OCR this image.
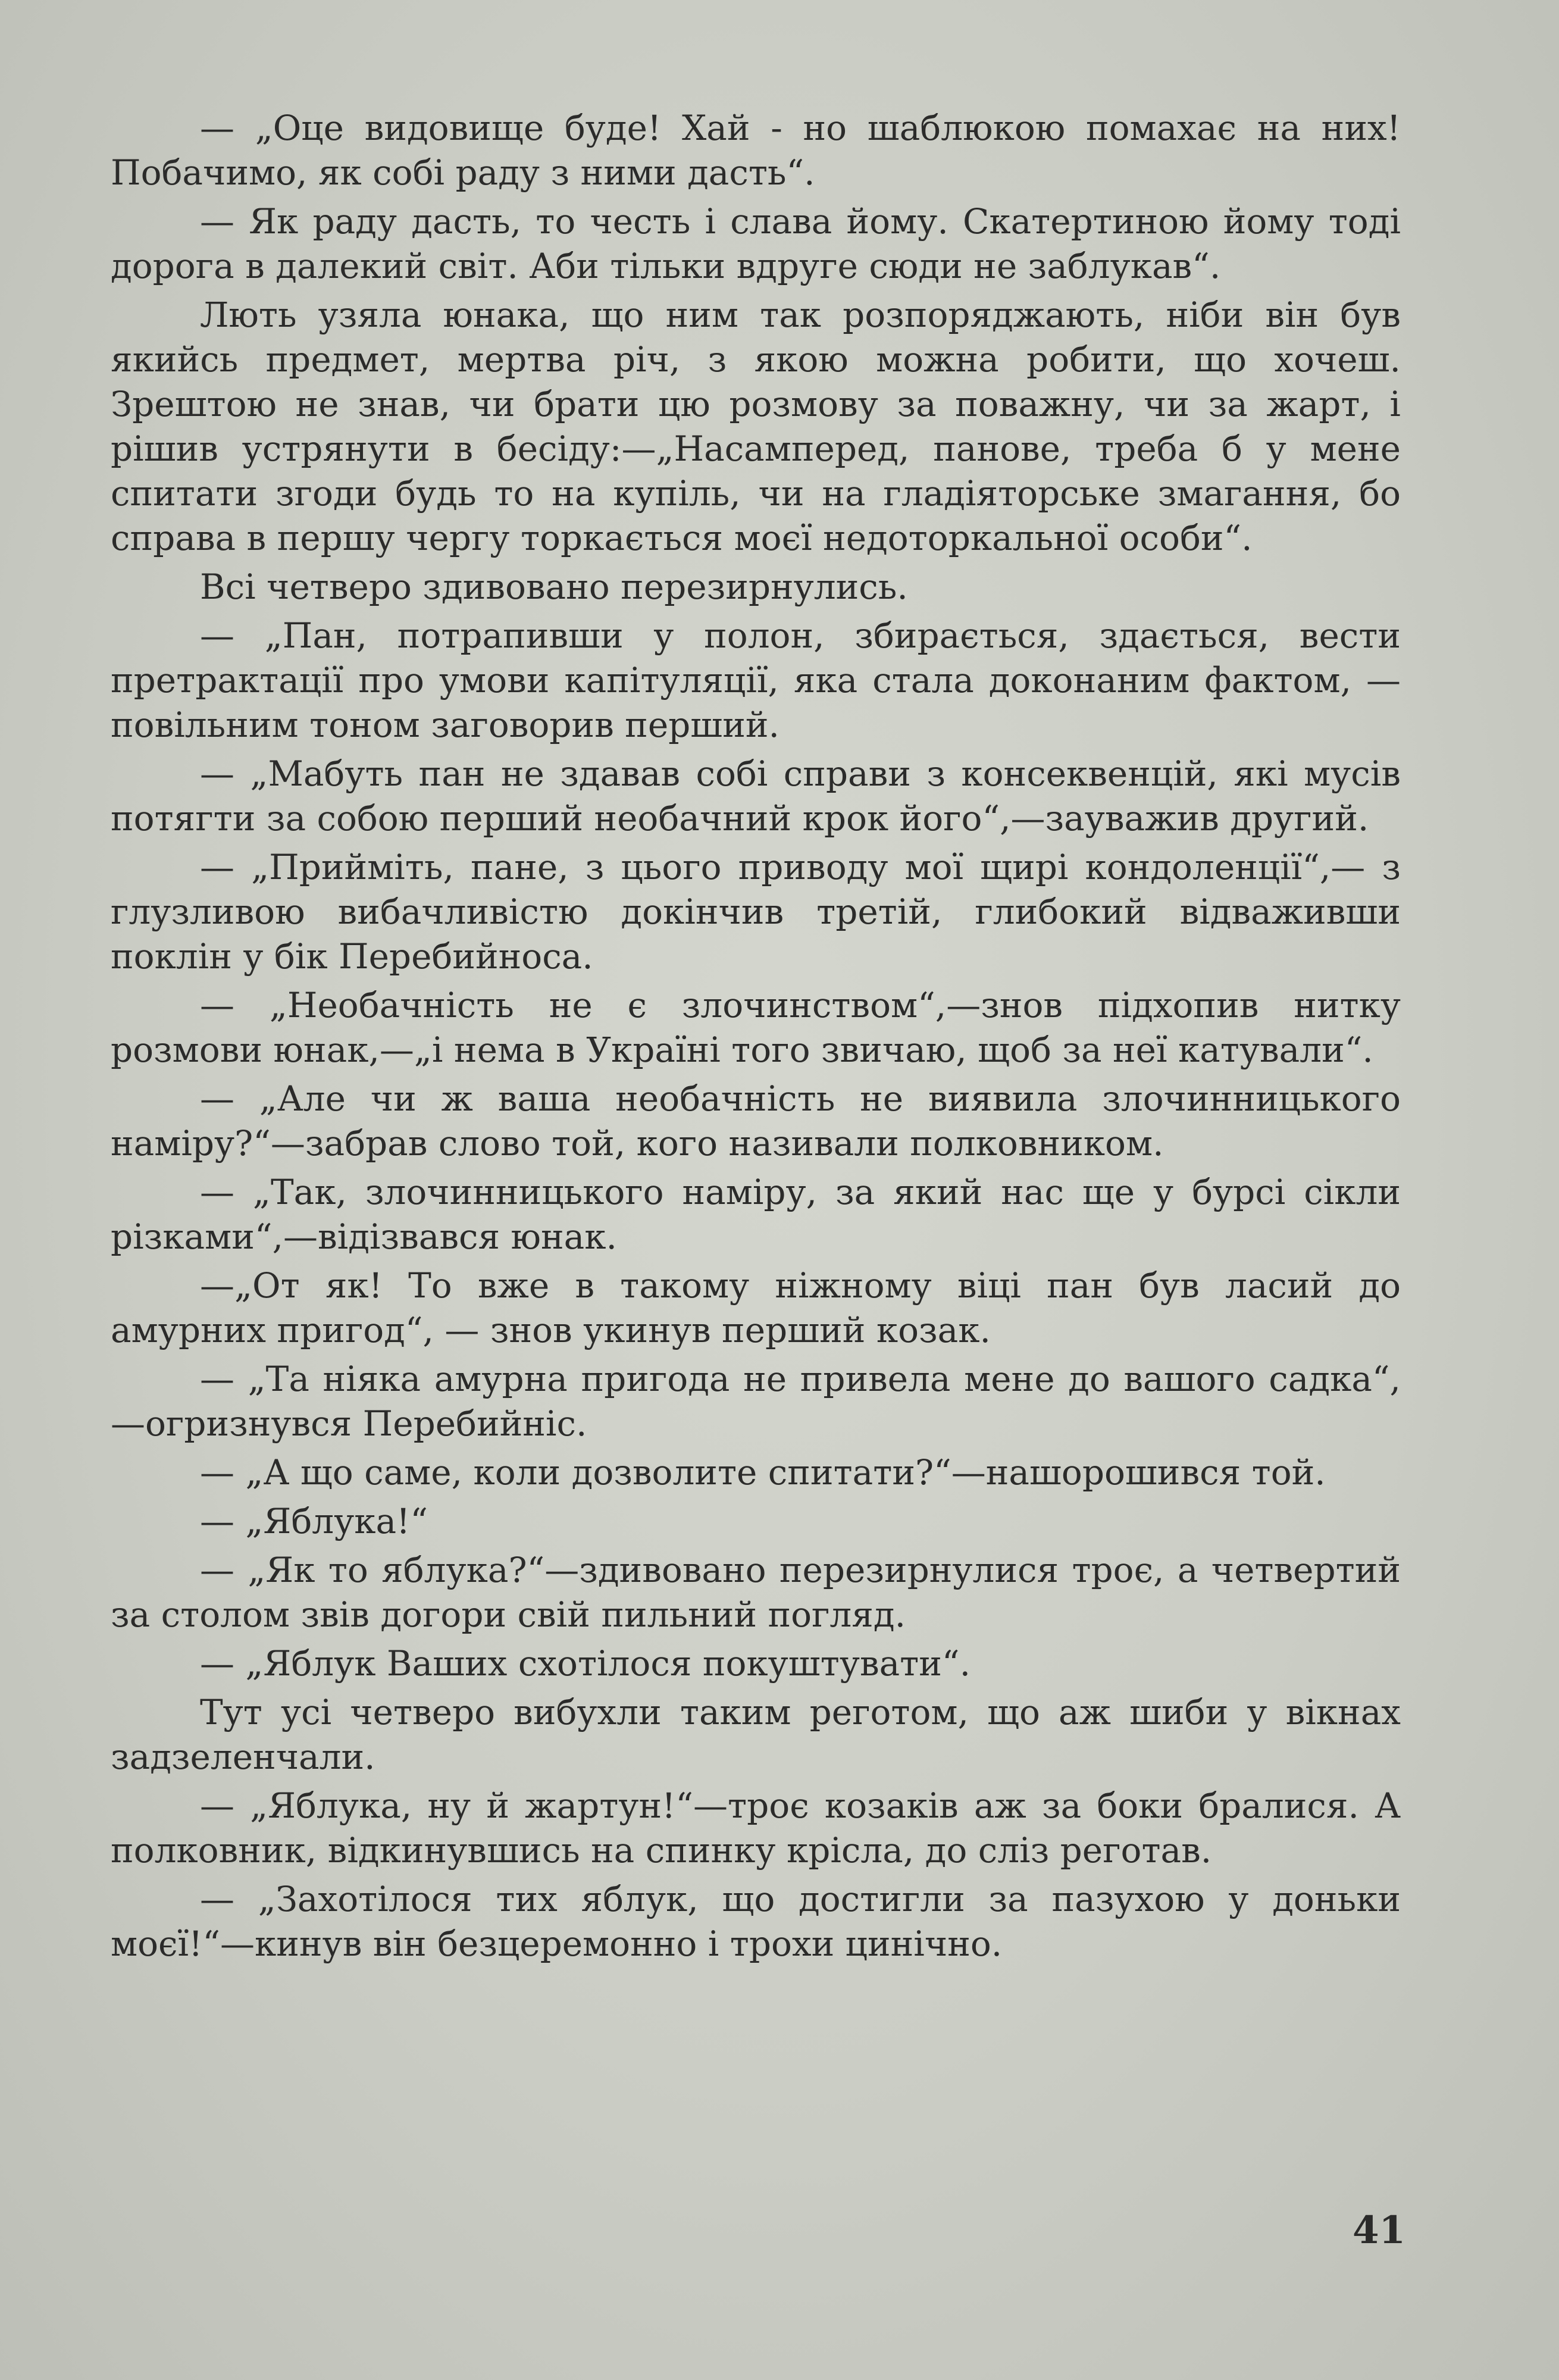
— „Оце видовище буде! Хай - но шаблюкою помахає на них! Побачимо, як собі раду з ними дасть“.

— Як раду дасть, то честь і слава йому. Скатертиною йому тоді дорога в далекий світ. Аби тільки вдруге сюди не заблукав“.

Лють узяла юнака, що ним так розпоряджають, ніби він був якийсь предмет, мертва річ, з якою можна робити, що хочеш. Зрештою не знав, чи брати цю розмову за поважну, чи за жарт, і рішив устрянути в бесіду:—„Насамперед, панове, треба б у мене спитати згоди будь то на купіль, чи на гладіяторське змагання, бо справа в першу чергу торкається моєї недоторкальної особи“.

Всі четверо здивовано перезирнулись.

— „Пан, потрапивши у полон, збирається, здається, вести претрактації про умови капітуляції, яка стала доконаним фактом, — повільним тоном заговорив перший.

— „Мабуть пан не здавав собі справи з консеквенцій, які мусів потягти за собою перший необачний крок його“,—зауважив другий.

— „Прийміть, пане, з цього приводу мої щирі кондоленції“,— з глузливою вибачливістю докінчив третій, глибокий відваживши поклін у бік Перебийноса.

— „Необачність не є злочинством“,—знов підхопив нитку розмови юнак,—„і нема в Україні того звичаю, щоб за неї катували“.

— „Але чи ж ваша необачність не виявила злочинницького наміру?“—забрав слово той, кого називали полковником.

— „Так, злочинницького наміру, за який нас ще у бурсі сікли різками“,—відізвався юнак.

—„От як! То вже в такому ніжному віці пан був ласий до амурних пригод“, — знов укинув перший козак.

— „Та ніяка амурна пригода не привела мене до вашого садка“,—огризнувся Перебийніс.

— „А що саме, коли дозволите спитати?“—нашорошився той.

— „Яблука!“

— „Як то яблука?“—здивовано перезирнулися троє, а четвертий за столом звів догори свій пильний погляд.

— „Яблук Ваших схотілося покуштувати“.

Тут усі четверо вибухли таким реготом, що аж шиби у вікнах задзеленчали.

— „Яблука, ну й жартун!“—троє козаків аж за боки бралися. А полковник, відкинувшись на спинку крісла, до сліз реготав.

— „Захотілося тих яблук, що достигли за пазухою у доньки моєї!“—кинув він безцеремонно і трохи цинічно.

41
